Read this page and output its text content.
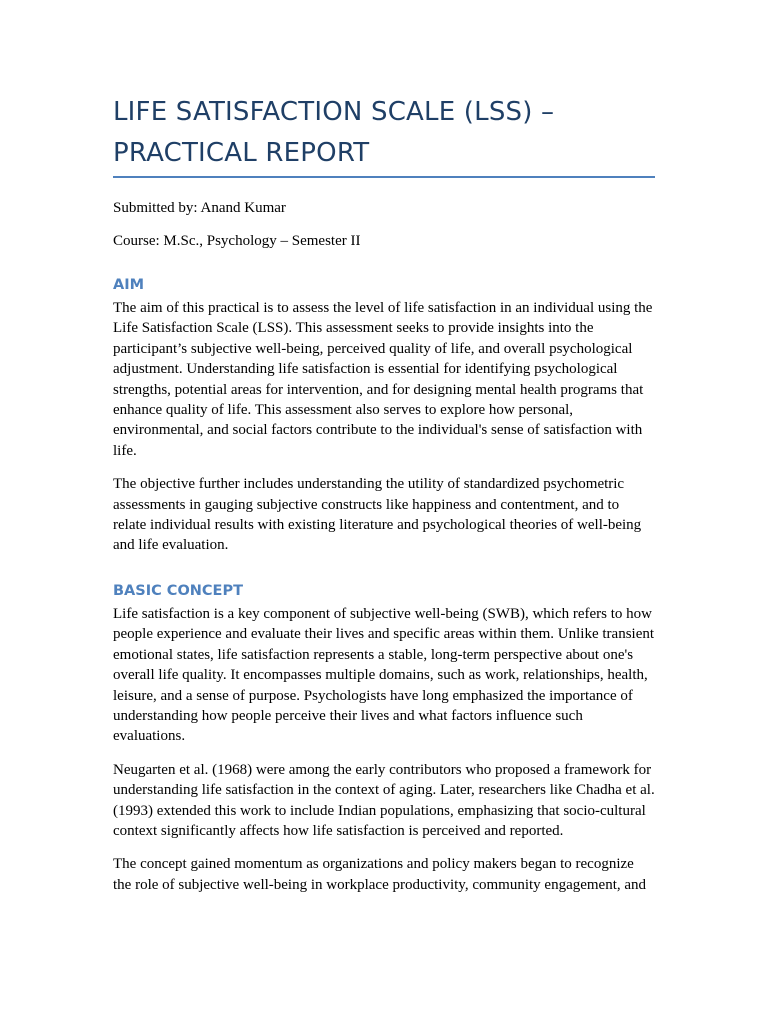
LIFE SATISFACTION SCALE (LSS) – PRACTICAL REPORT

Submitted by: Anand Kumar

Course: M.Sc., Psychology – Semester II

AIM

The aim of this practical is to assess the level of life satisfaction in an individual using the Life Satisfaction Scale (LSS). This assessment seeks to provide insights into the participant’s subjective well-being, perceived quality of life, and overall psychological adjustment. Understanding life satisfaction is essential for identifying psychological strengths, potential areas for intervention, and for designing mental health programs that enhance quality of life. This assessment also serves to explore how personal, environmental, and social factors contribute to the individual's sense of satisfaction with life.

The objective further includes understanding the utility of standardized psychometric assessments in gauging subjective constructs like happiness and contentment, and to relate individual results with existing literature and psychological theories of well-being and life evaluation.

BASIC CONCEPT

Life satisfaction is a key component of subjective well-being (SWB), which refers to how people experience and evaluate their lives and specific areas within them. Unlike transient emotional states, life satisfaction represents a stable, long-term perspective about one's overall life quality. It encompasses multiple domains, such as work, relationships, health, leisure, and a sense of purpose. Psychologists have long emphasized the importance of understanding how people perceive their lives and what factors influence such evaluations.

Neugarten et al. (1968) were among the early contributors who proposed a framework for understanding life satisfaction in the context of aging. Later, researchers like Chadha et al. (1993) extended this work to include Indian populations, emphasizing that socio-cultural context significantly affects how life satisfaction is perceived and reported.

The concept gained momentum as organizations and policy makers began to recognize the role of subjective well-being in workplace productivity, community engagement, and
